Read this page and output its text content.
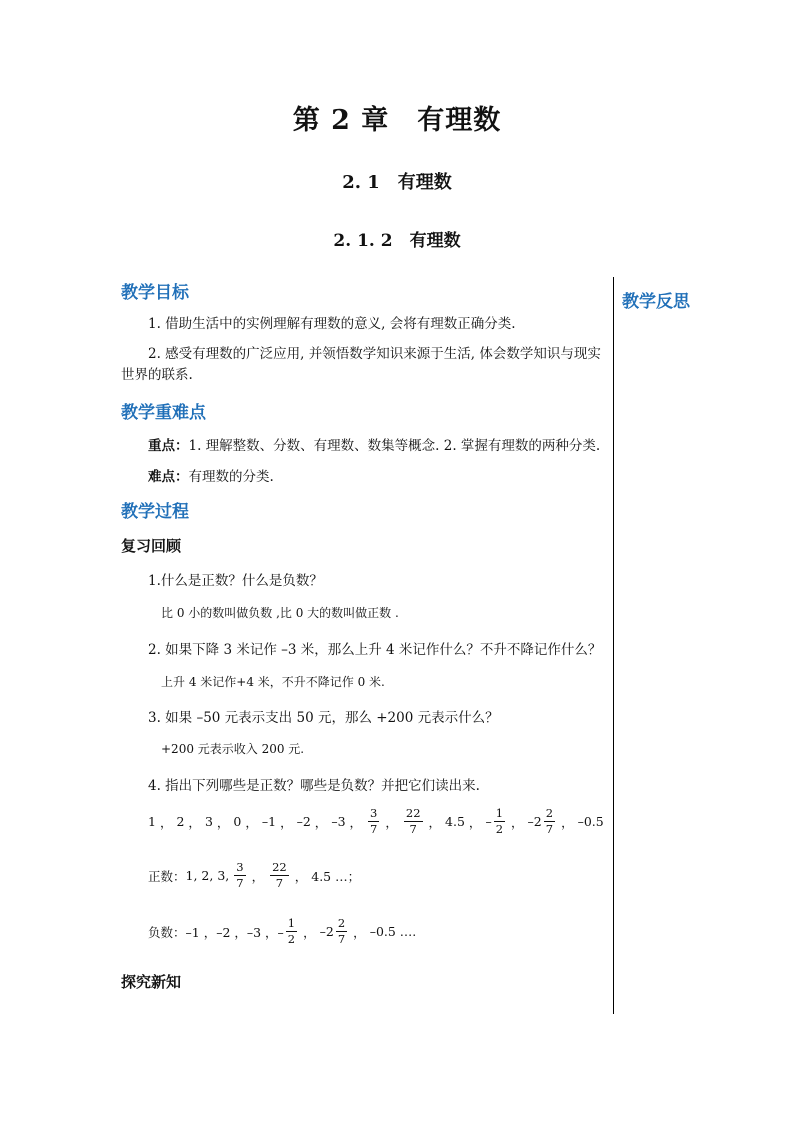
第 2 章　有理数
2. 1　有理数
2. 1. 2　有理数
教学反思
教学目标
1. 借助生活中的实例理解有理数的意义, 会将有理数正确分类.
2. 感受有理数的广泛应用, 并领悟数学知识来源于生活, 体会数学知识与现实世界的联系.
教学重难点
重点：1. 理解整数、分数、有理数、数集等概念. 2. 掌握有理数的两种分类.
难点：有理数的分类.
教学过程
复习回顾
1.什么是正数？什么是负数？
比 0 小的数叫做负数 ,比 0 大的数叫做正数 .
2. 如果下降 3 米记作 –3 米，那么上升 4 米记作什么？不升不降记作什么？
上升 4 米记作+4 米，不升不降记作 0 米.
3. 如果 –50 元表示支出 50 元，那么 +200 元表示什么？
+200 元表示收入 200 元.
4. 指出下列哪些是正数？哪些是负数？并把它们读出来.
1 ， 2 ， 3 ， 0 ， –1 ， –2 ， –3 ， $\frac{3}{7}$ ， $\frac{22}{7}$ ， 4.5 ， – $\frac{1}{2}$ ， – $2 \frac{2}{7}$ ， –0.5
正数： 1, 2, 3, $\frac{3}{7}$ ， $\frac{22}{7}$ ， 4.5 …；
负数： –1 ，–2 ，–3 ，– $\frac{1}{2}$ ， – $2 \frac{2}{7}$ ， –0.5 ….
探究新知
